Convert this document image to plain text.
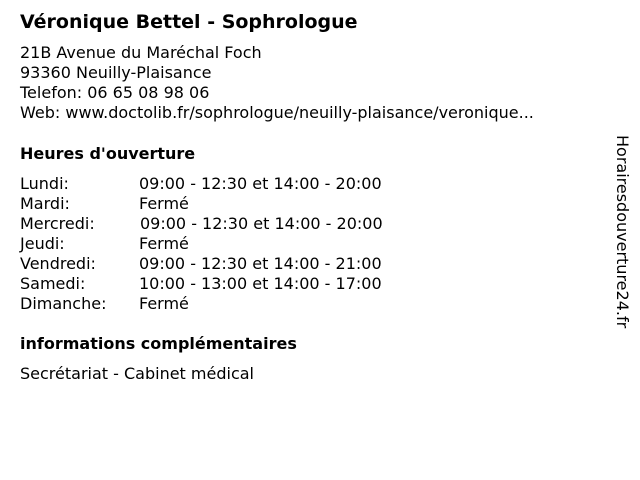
Véronique Bettel - Sophrologue
21B Avenue du Maréchal Foch
93360 Neuilly-Plaisance
Telefon: 06 65 08 98 06
Web: www.doctolib.fr/sophrologue/neuilly-plaisance/veronique...
Heures d'ouverture
Lundi:	09:00 - 12:30 et 14:00 - 20:00
Mardi:	Fermé
Mercredi:	09:00 - 12:30 et 14:00 - 20:00
Jeudi:	Fermé
Vendredi:	09:00 - 12:30 et 14:00 - 21:00
Samedi:	10:00 - 13:00 et 14:00 - 17:00
Dimanche: Fermé
informations complémentaires
Secrétariat - Cabinet médical
Horairesdouverture24.fr
